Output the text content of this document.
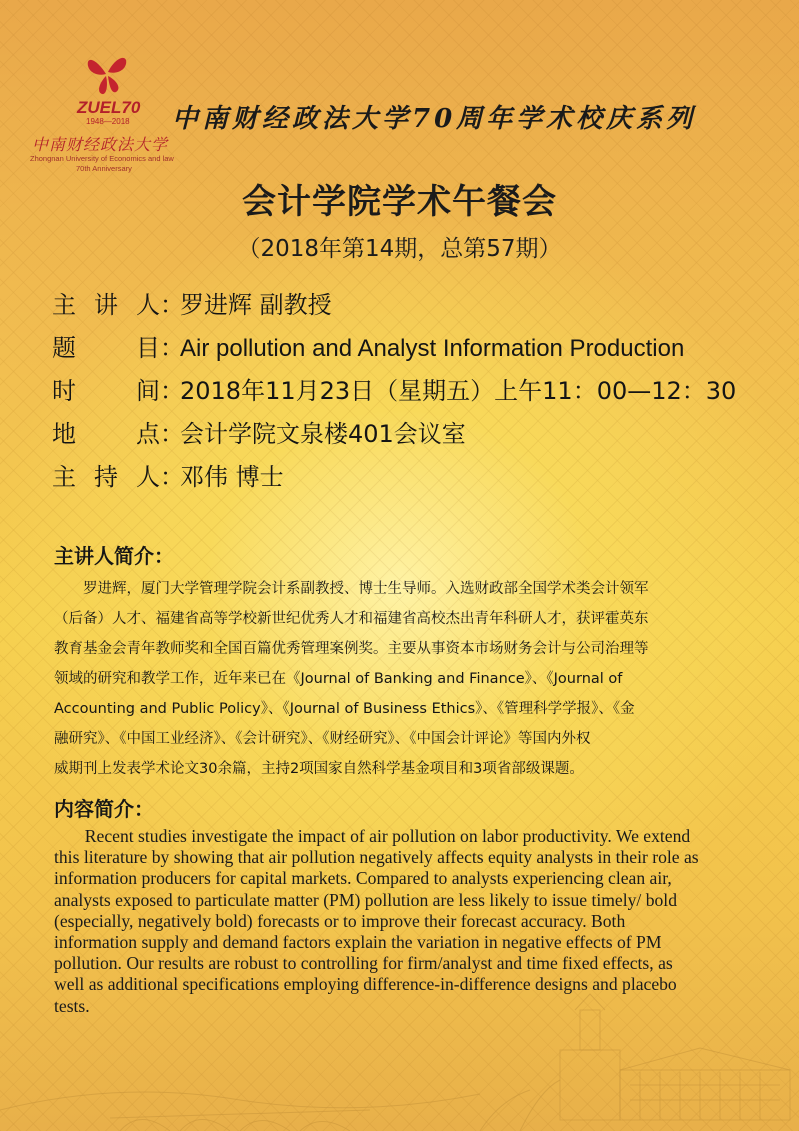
ZUEL70
1948—2018
中南财经政法大学
Zhongnan University of Economics and law
70th Anniversary
中南财经政法大学70周年学术校庆系列
会计学院学术午餐会
（2018年第14期，总第57期）
主讲人 ：
罗进辉 副教授
题目 ：
Air pollution and Analyst Information Production
时间 ：
2018年11月23日（星期五）上午11：00—12：30
地点 ：
会计学院文泉楼401会议室
主持人 ：
邓伟 博士
主讲人简介：
　　罗进辉，厦门大学管理学院会计系副教授、博士生导师。入选财政部全国学术类会计领军
（后备）人才、福建省高等学校新世纪优秀人才和福建省高校杰出青年科研人才，获评霍英东
教育基金会青年教师奖和全国百篇优秀管理案例奖。主要从事资本市场财务会计与公司治理等
领域的研究和教学工作，近年来已在《Journal of Banking and Finance》、《Journal of
Accounting and Public Policy》、《Journal of Business Ethics》、《管理科学学报》、《金
融研究》、《中国工业经济》、《会计研究》、《财经研究》、《中国会计评论》等国内外权
威期刊上发表学术论文30余篇，主持2项国家自然科学基金项目和3项省部级课题。
内容简介：
Recent studies investigate the impact of air pollution on labor productivity. We extend
this literature by showing that air pollution negatively affects equity analysts in their role as
information producers for capital markets. Compared to analysts experiencing clean air,
analysts exposed to particulate matter (PM) pollution are less likely to issue timely/ bold
(especially, negatively bold) forecasts or to improve their forecast accuracy. Both
information supply and demand factors explain the variation in negative effects of PM
pollution. Our results are robust to controlling for firm/analyst and time fixed effects, as
well as additional specifications employing difference-in-difference designs and placebo
tests.
